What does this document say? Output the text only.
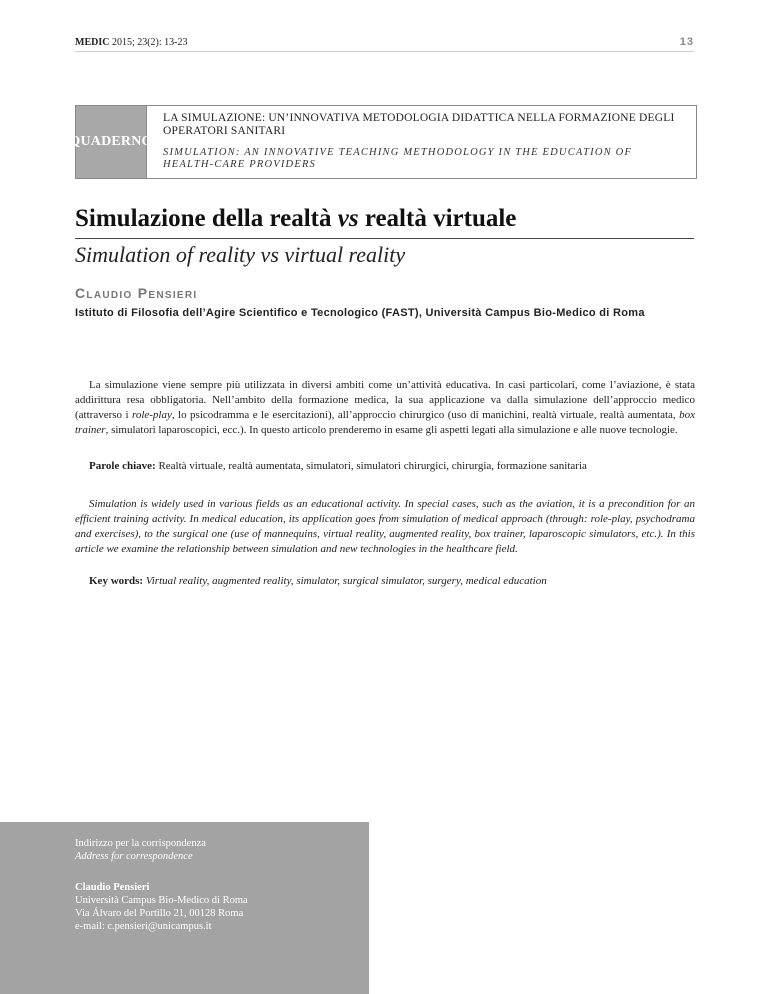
MEDIC 2015; 23(2): 13-23	13
QUADERNO
LA SIMULAZIONE: UN’INNOVATIVA METODOLOGIA DIDATTICA NELLA FORMAZIONE DEGLI OPERATORI SANITARI
SIMULATION: AN INNOVATIVE TEACHING METHODOLOGY IN THE EDUCATION OF HEALTH-CARE PROVIDERS
Simulazione della realtà vs realtà virtuale
Simulation of reality vs virtual reality
Claudio Pensieri
Istituto di Filosofia dell’Agire Scientifico e Tecnologico (FAST), Università Campus Bio-Medico di Roma
La simulazione viene sempre più utilizzata in diversi ambiti come un’attività educativa. In casi particolari, come l’aviazione, è stata addirittura resa obbligatoria. Nell’ambito della formazione medica, la sua applicazione va dalla simulazione dell’approccio medico (attraverso i role-play, lo psicodramma e le esercitazioni), all’approccio chirurgico (uso di manichini, realtà virtuale, realtà aumentata, box trainer, simulatori laparoscopici, ecc.). In questo articolo prenderemo in esame gli aspetti legati alla simulazione e alle nuove tecnologie.
Parole chiave: Realtà virtuale, realtà aumentata, simulatori, simulatori chirurgici, chirurgia, formazione sanitaria
Simulation is widely used in various fields as an educational activity. In special cases, such as the aviation, it is a precondition for an efficient training activity. In medical education, its application goes from simulation of medical approach (through: role-play, psychodrama and exercises), to the surgical one (use of mannequins, virtual reality, augmented reality, box trainer, laparoscopic simulators, etc.). In this article we examine the relationship between simulation and new technologies in the healthcare field.
Key words: Virtual reality, augmented reality, simulator, surgical simulator, surgery, medical education
Indirizzo per la corrispondenza
Address for correspondence
Claudio Pensieri
Università Campus Bio-Medico di Roma
Via Álvaro del Portillo 21, 00128 Roma
e-mail: c.pensieri@unicampus.it
